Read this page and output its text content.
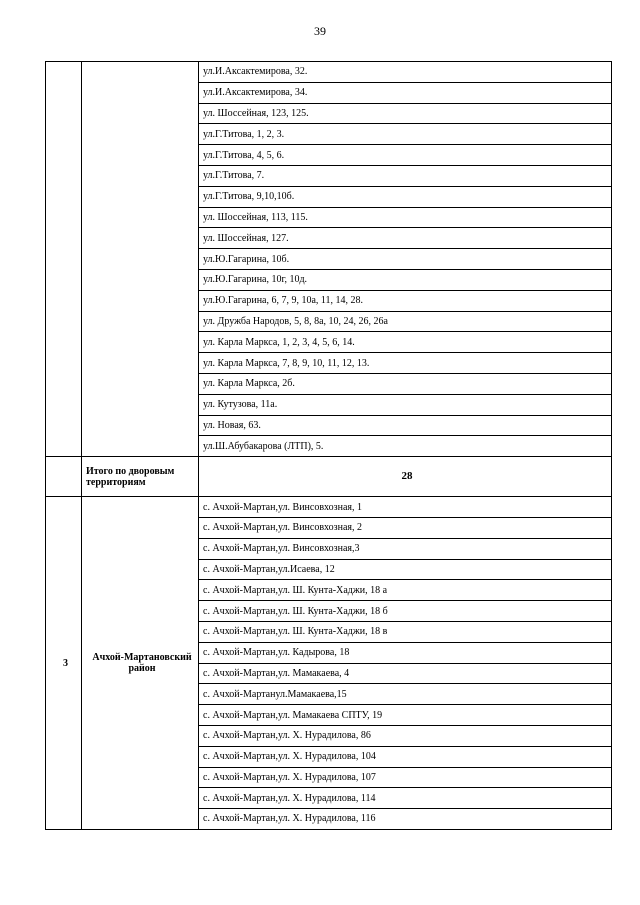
39
		ул.И.Аксактемирова, 32.
		ул.И.Аксактемирова, 34.
		ул. Шоссейная, 123, 125.
		ул.Г.Титова, 1, 2, 3.
		ул.Г.Титова, 4, 5, 6.
		ул.Г.Титова, 7.
		ул.Г.Титова, 9,10,10б.
		ул. Шоссейная, 113, 115.
		ул. Шоссейная, 127.
		ул.Ю.Гагарина, 10б.
		ул.Ю.Гагарина, 10г, 10д.
		ул.Ю.Гагарина, 6, 7, 9, 10а, 11, 14, 28.
		ул. Дружба Народов, 5, 8, 8а, 10, 24, 26, 26а
		ул. Карла Маркса, 1, 2, 3, 4, 5, 6, 14.
		ул. Карла Маркса, 7, 8, 9, 10, 11, 12, 13.
		ул. Карла Маркса, 2б.
		ул. Кутузова, 11а.
		ул. Новая, 63.
		ул.Ш.Абубакарова (ЛТП), 5.
	Итого по дворовым территориям	28
3	Ачхой-Мартановский район	с. Ачхой-Мартан,ул. Винсовхозная, 1
		с. Ачхой-Мартан,ул. Винсовхозная, 2
		с. Ачхой-Мартан,ул. Винсовхозная,3
		с. Ачхой-Мартан,ул.Исаева, 12
		с. Ачхой-Мартан,ул. Ш. Кунта-Хаджи, 18 а
		с. Ачхой-Мартан,ул. Ш. Кунта-Хаджи, 18 б
		с. Ачхой-Мартан,ул. Ш. Кунта-Хаджи, 18 в
		с. Ачхой-Мартан,ул. Кадырова, 18
		с. Ачхой-Мартан,ул. Мамакаева, 4
		с. Ачхой-Мартанул.Мамакаева,15
		с. Ачхой-Мартан,ул. Мамакаева СПТУ, 19
		с. Ачхой-Мартан,ул. Х. Нурадилова, 86
		с. Ачхой-Мартан,ул. Х. Нурадилова, 104
		с. Ачхой-Мартан,ул. Х. Нурадилова, 107
		с. Ачхой-Мартан,ул. Х. Нурадилова, 114
		с. Ачхой-Мартан,ул. Х. Нурадилова, 116
